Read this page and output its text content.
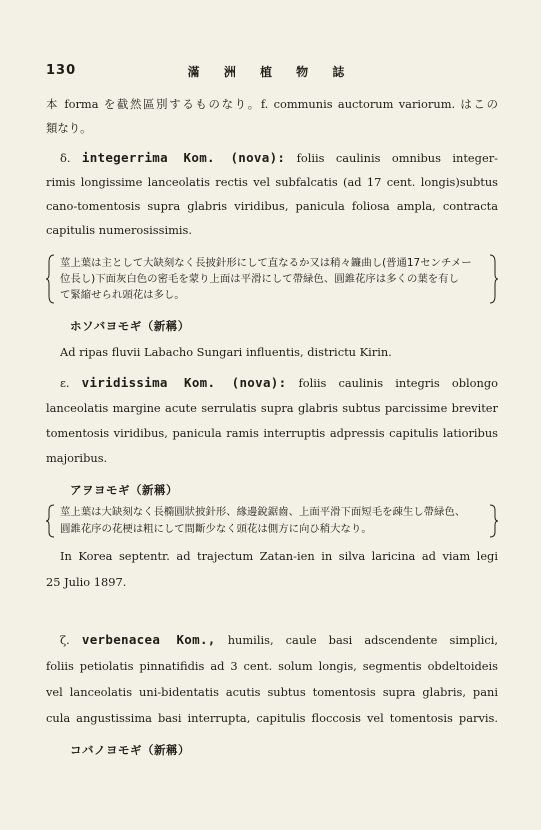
130	滿 洲 植 物 誌
本 forma を截然區別するものなり。f. communis auctorum variorum. はこの
類なり。
δ. integerrima Kom. (nova): foliis caulinis omnibus integer-
rimis longissime lanceolatis rectis vel subfalcatis (ad 17 cent. longis)subtus
cano-tomentosis supra glabris viridibus, panicula foliosa ampla, contracta
capitulis numerosissimis.
莖上葉は主として大缺刻なく長披針形にして直なるか又は稍々鐮曲し(普通17センチメー
位長し)下面灰白色の密毛を蒙り上面は平滑にして帶緑色、圓錐花序は多くの葉を有し
て緊縮せられ頭花は多し。
ホソバヨモギ（新稱）
Ad ripas fluvii Labacho Sungari influentis, districtu Kirin.
ε. viridissima Kom. (nova): foliis caulinis integris oblongo
lanceolatis margine acute serrulatis supra glabris subtus parcissime breviter
tomentosis viridibus, panicula ramis interruptis adpressis capitulis latioribus
majoribus.
アヲヨモギ（新稱）
莖上葉は大缺刻なく長橢圓狀披針形、緣邊銳鋸齒、上面平滑下面短毛を疎生し帶緑色、
圓錐花序の花梗は粗にして間斷少なく頭花は側方に向ひ稍大なり。
In Korea septentr. ad trajectum Zatan-ien in silva laricina ad viam legi
25 Julio 1897.
ζ. verbenacea Kom., humilis, caule basi adscendente simplici,
foliis petiolatis pinnatifidis ad 3 cent. solum longis, segmentis obdeltoideis
vel lanceolatis uni-bidentatis acutis subtus tomentosis supra glabris, pani
cula angustissima basi interrupta, capitulis floccosis vel tomentosis parvis.
コバノヨモギ（新稱）
